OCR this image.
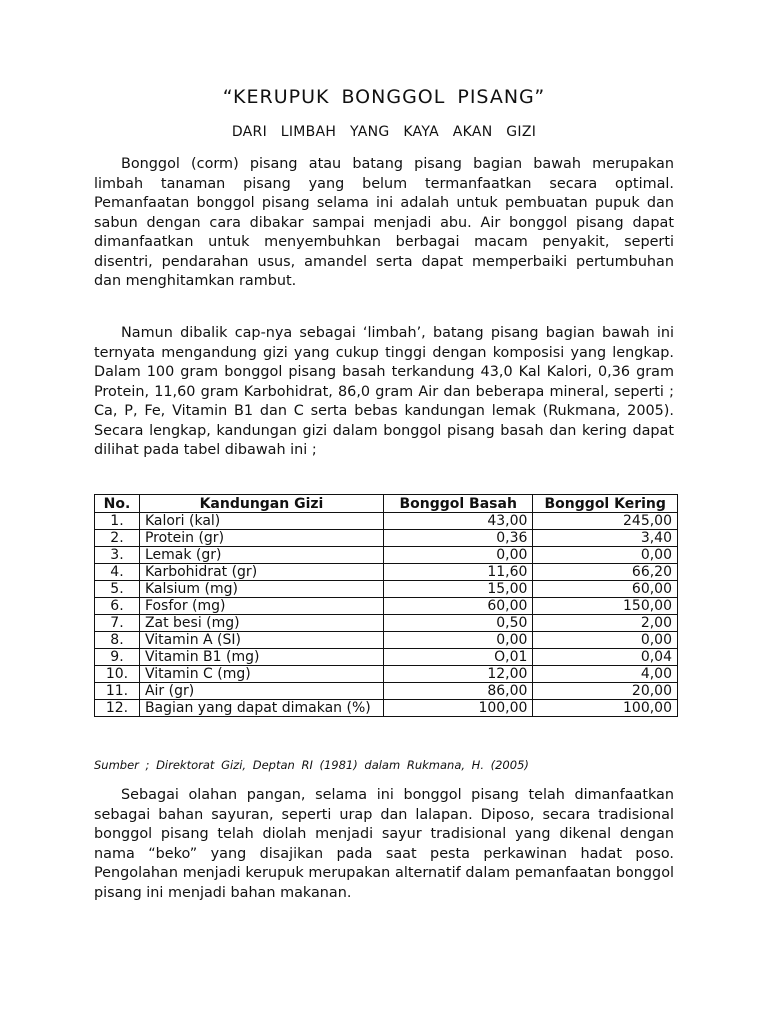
“KERUPUK BONGGOL PISANG”
DARI LIMBAH YANG KAYA AKAN GIZI

Bonggol (corm) pisang atau batang pisang bagian bawah merupakan limbah tanaman pisang yang belum termanfaatkan secara optimal. Pemanfaatan bonggol pisang selama ini adalah untuk pembuatan pupuk dan sabun dengan cara dibakar sampai menjadi abu. Air bonggol pisang dapat dimanfaatkan untuk menyembuhkan berbagai macam penyakit, seperti disentri, pendarahan usus, amandel serta dapat memperbaiki pertumbuhan dan menghitamkan rambut.

Namun dibalik cap-nya sebagai ‘limbah’, batang pisang bagian bawah ini ternyata mengandung gizi yang cukup tinggi dengan komposisi yang lengkap. Dalam 100 gram bonggol pisang basah terkandung 43,0 Kal Kalori, 0,36 gram Protein, 11,60 gram Karbohidrat, 86,0 gram Air dan beberapa mineral, seperti ; Ca, P, Fe, Vitamin B1 dan C serta bebas kandungan lemak (Rukmana, 2005). Secara lengkap, kandungan gizi dalam bonggol pisang basah dan kering dapat dilihat pada tabel dibawah ini ;

No.	Kandungan Gizi	Bonggol Basah	Bonggol Kering
1.	Kalori (kal)	43,00	245,00
2.	Protein (gr)	0,36	3,40
3.	Lemak (gr)	0,00	0,00
4.	Karbohidrat (gr)	11,60	66,20
5.	Kalsium (mg)	15,00	60,00
6.	Fosfor (mg)	60,00	150,00
7.	Zat besi (mg)	0,50	2,00
8.	Vitamin A (SI)	0,00	0,00
9.	Vitamin B1 (mg)	O,01	0,04
10.	Vitamin C (mg)	12,00	4,00
11.	Air (gr)	86,00	20,00
12.	Bagian yang dapat dimakan (%)	100,00	100,00
Sumber ; Direktorat Gizi, Deptan RI (1981) dalam Rukmana, H. (2005)

Sebagai olahan pangan, selama ini bonggol pisang telah dimanfaatkan sebagai bahan sayuran, seperti urap dan lalapan. Diposo, secara tradisional bonggol pisang telah diolah menjadi sayur tradisional yang dikenal dengan nama “beko” yang disajikan pada saat pesta perkawinan hadat poso. Pengolahan menjadi kerupuk merupakan alternatif dalam pemanfaatan bonggol pisang ini menjadi bahan makanan.
